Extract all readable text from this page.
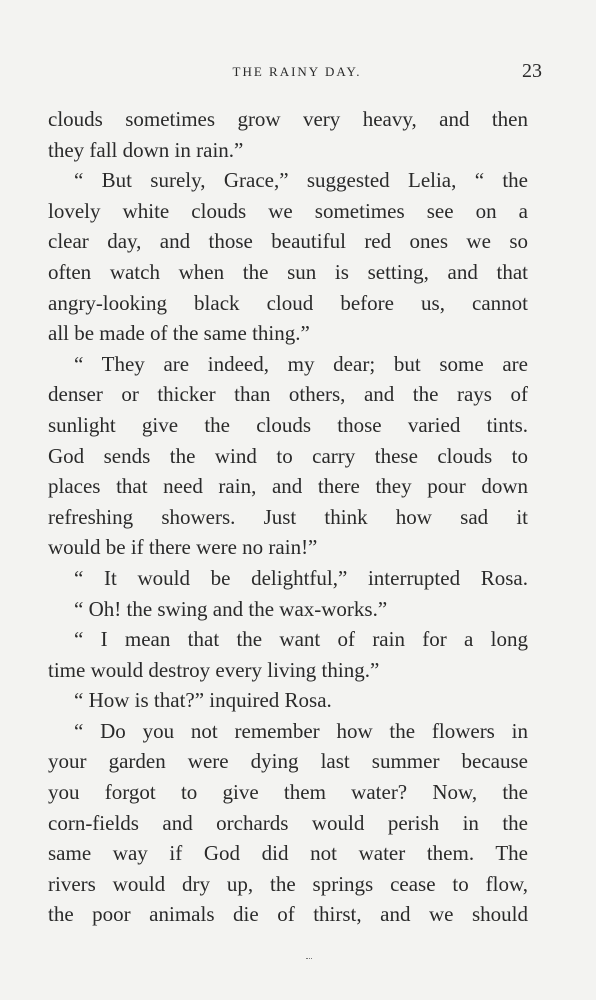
THE RAINY DAY.	23
clouds sometimes grow very heavy, and then
they fall down in rain.”
“ But surely, Grace,” suggested Lelia, “ the
lovely white clouds we sometimes see on a
clear day, and those beautiful red ones we so
often watch when the sun is setting, and that
angry-looking black cloud before us, cannot
all be made of the same thing.”
“ They are indeed, my dear; but some are
denser or thicker than others, and the rays of
sunlight give the clouds those varied tints.
God sends the wind to carry these clouds to
places that need rain, and there they pour down
refreshing showers. Just think how sad it
would be if there were no rain!”
“ It would be delightful,” interrupted Rosa.
“ Oh! the swing and the wax-works.”
“ I mean that the want of rain for a long
time would destroy every living thing.”
“ How is that?” inquired Rosa.
“ Do you not remember how the flowers in
your garden were dying last summer because
you forgot to give them water? Now, the
corn-fields and orchards would perish in the
same way if God did not water them. The
rivers would dry up, the springs cease to flow,
the poor animals die of thirst, and we should
